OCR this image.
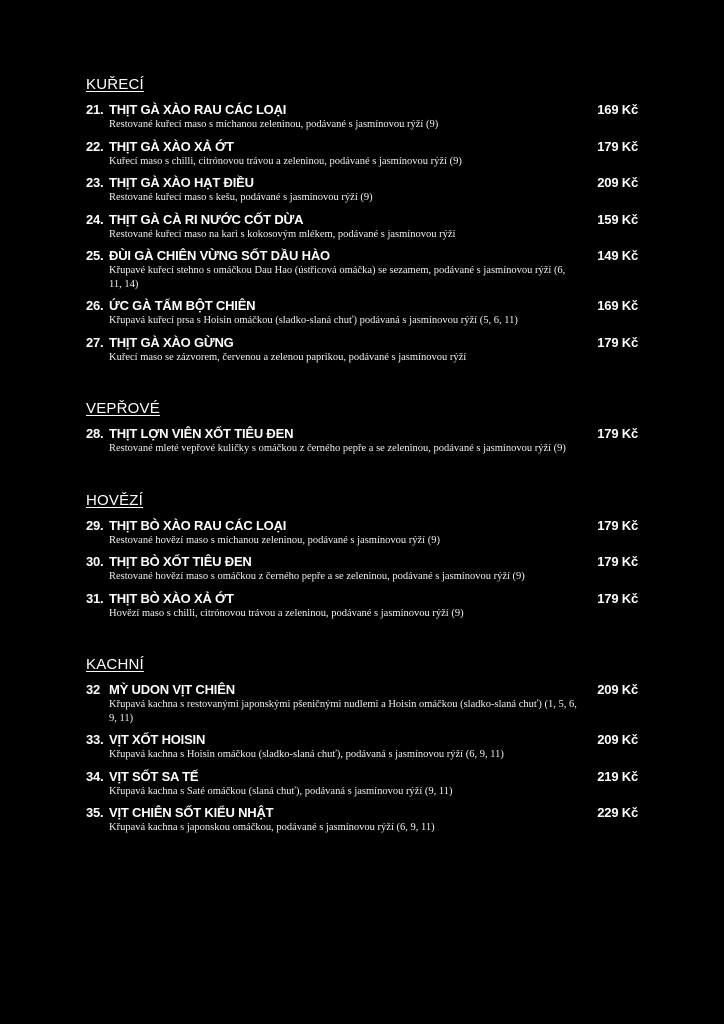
KUŘECÍ
21. THỊT GÀ XÀO RAU CÁC LOẠI	169 Kč
Restované kuřecí maso s míchanou zeleninou, podávané s jasmínovou rýží (9)
22. THỊT GÀ XÀO XẢ ỚT	179 Kč
Kuřecí maso s chilli, citrónovou trávou a zeleninou, podávané s jasmínovou rýží (9)
23. THỊT GÀ XÀO HẠT ĐIỀU	209 Kč
Restované kuřecí maso s kešu, podávané s jasmínovou rýží (9)
24. THỊT GÀ CÀ RI NƯỚC CỐT DỪA	159 Kč
Restované kuřecí maso na kari s kokosovým mlékem, podávané s jasmínovou rýží
25. ĐÙI GÀ CHIÊN VỪNG SỐT DẦU HÀO	149 Kč
Křupavé kuřecí stehno s omáčkou Dau Hao (ústřicová omáčka) se sezamem, podávané s jasmínovou rýží (6, 11, 14)
26. ỨC GÀ TẨM BỘT CHIÊN	169 Kč
Křupavá kuřecí prsa s Hoisin omáčkou (sladko-slaná chuť) podávaná s jasmínovou rýží (5, 6, 11)
27. THỊT GÀ XÀO GỪNG	179 Kč
Kuřecí maso se zázvorem, červenou a zelenou paprikou, podávané s jasmínovou rýží
VEPŘOVÉ
28. THỊT LỢN VIÊN XỐT TIÊU ĐEN	179 Kč
Restované mleté vepřové kuličky s omáčkou z černého pepře a se zeleninou, podávané s jasmínovou rýží (9)
HOVĚZÍ
29. THỊT BÒ XÀO RAU CÁC LOẠI	179 Kč
Restované hovězí maso s míchanou zeleninou, podávané s jasmínovou rýží (9)
30. THỊT BÒ XỐT TIÊU ĐEN	179 Kč
Restované hovězí maso s omáčkou z černého pepře a se zeleninou, podávané s jasmínovou rýží (9)
31. THỊT BÒ XÀO XẢ ỚT	179 Kč
Hovězí maso s chilli, citrónovou trávou a zeleninou, podávané s jasmínovou rýží (9)
KACHNÍ
32 MỲ UDON VỊT CHIÊN	209 Kč
Křupavá kachna s restovanými japonskými pšeničnými nudlemi a Hoisin omáčkou (sladko-slaná chuť) (1, 5, 6, 9, 11)
33. VỊT XỐT HOISIN	209 Kč
Křupavá kachna s Hoisin omáčkou (sladko-slaná chuť), podávaná s jasmínovou rýží (6, 9, 11)
34. VỊT SỐT SA TẾ	219 Kč
Křupavá kachna s Saté omáčkou (slaná chuť), podávaná s jasmínovou rýží (9, 11)
35. VỊT CHIÊN SỐT KIỂU NHẬT	229 Kč
Křupavá kachna s japonskou omáčkou, podávané s jasmínovou rýží (6, 9, 11)
